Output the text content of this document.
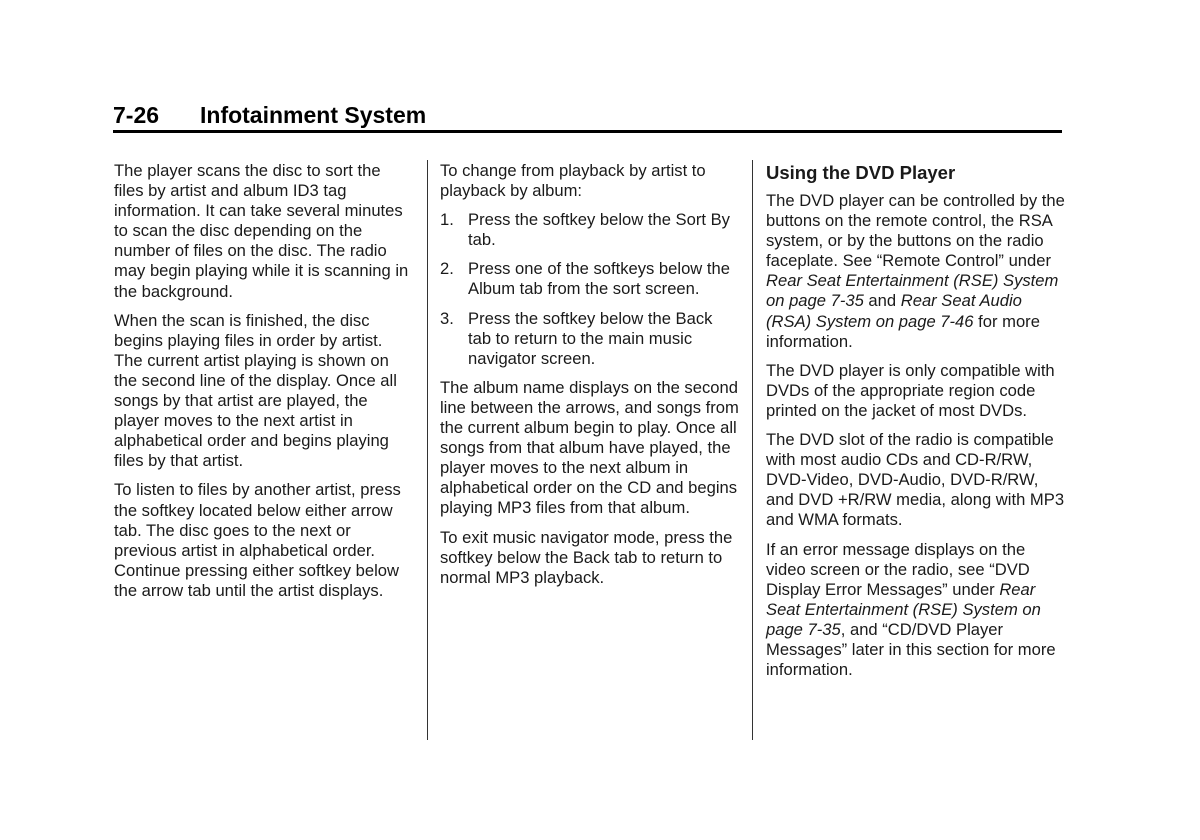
7-26 Infotainment System

The player scans the disc to sort the files by artist and album ID3 tag information. It can take several minutes to scan the disc depending on the number of files on the disc. The radio may begin playing while it is scanning in the background.

When the scan is finished, the disc begins playing files in order by artist. The current artist playing is shown on the second line of the display. Once all songs by that artist are played, the player moves to the next artist in alphabetical order and begins playing files by that artist.

To listen to files by another artist, press the softkey located below either arrow tab. The disc goes to the next or previous artist in alphabetical order. Continue pressing either softkey below the arrow tab until the artist displays.

To change from playback by artist to playback by album:

1. Press the softkey below the Sort By tab.
2. Press one of the softkeys below the Album tab from the sort screen.
3. Press the softkey below the Back tab to return to the main music navigator screen.

The album name displays on the second line between the arrows, and songs from the current album begin to play. Once all songs from that album have played, the player moves to the next album in alphabetical order on the CD and begins playing MP3 files from that album.

To exit music navigator mode, press the softkey below the Back tab to return to normal MP3 playback.

Using the DVD Player

The DVD player can be controlled by the buttons on the remote control, the RSA system, or by the buttons on the radio faceplate. See “Remote Control” under Rear Seat Entertainment (RSE) System on page 7-35 and Rear Seat Audio (RSA) System on page 7-46 for more information.

The DVD player is only compatible with DVDs of the appropriate region code printed on the jacket of most DVDs.

The DVD slot of the radio is compatible with most audio CDs and CD-R/RW, DVD-Video, DVD-Audio, DVD-R/RW, and DVD +R/RW media, along with MP3 and WMA formats.

If an error message displays on the video screen or the radio, see “DVD Display Error Messages” under Rear Seat Entertainment (RSE) System on page 7-35, and “CD/DVD Player Messages” later in this section for more information.
